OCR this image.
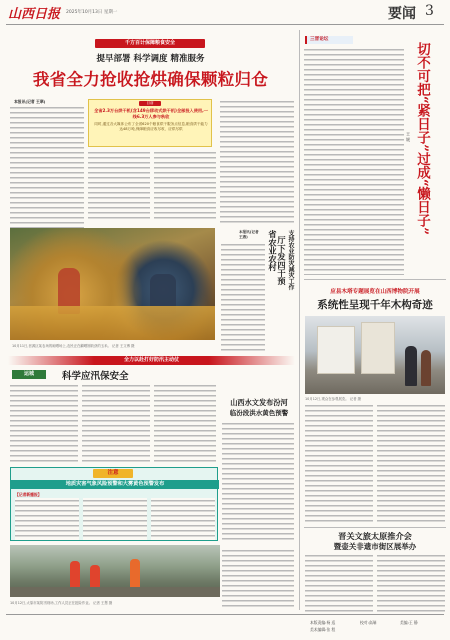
山西日报 2025年10月13日 星期一	要闻 3
千方百计保障粮食安全
提早部署 科学调度 精准服务
我省全力抢收抢烘确保颗粒归仓
本报讯(记者 王翠)	目前
全省2.3万台烘干机(含149台移动式烘干机)全部投入使用,一线6.3万人参与秋收
同时,通过各大媒体公布了全省620个粮食烘干服务点信息,粮食烘干能力达48万吨,保障粮食应收尽收、应烘尽烘
10月11日,晋源区某农场的晾晒场上,农民正在翻晒刚收获的玉米。 记者 王文博 摄
本报讯(记者
王燕) 省农业农村 厅下发四干预 支持农业防灾减灾工作
三晋论坛
切不可把“紧日子”过成“懒日子”
王 媛
应县木塔专题展览在山西博物院开展
系统性呈现千年木构奇迹
10月12日,观众在参观展览。 记者 摄
晋关文旅太原推介会
暨壶关非遗市街区展举办
全力以赴打好防汛主动仗
运城	科学应汛保安全
山西水文发布汾河
临汾段洪水黄色预警
注意
地质灾害气象风险预警和大雾黄色预警发布
【记者新播报】
10月12日,太原市某防汛现场,工作人员正在抢险作业。 记者 王慧 摄
本版责编:杨 巡	校对:高瑞	美编:王 静
美术编辑:张 程
